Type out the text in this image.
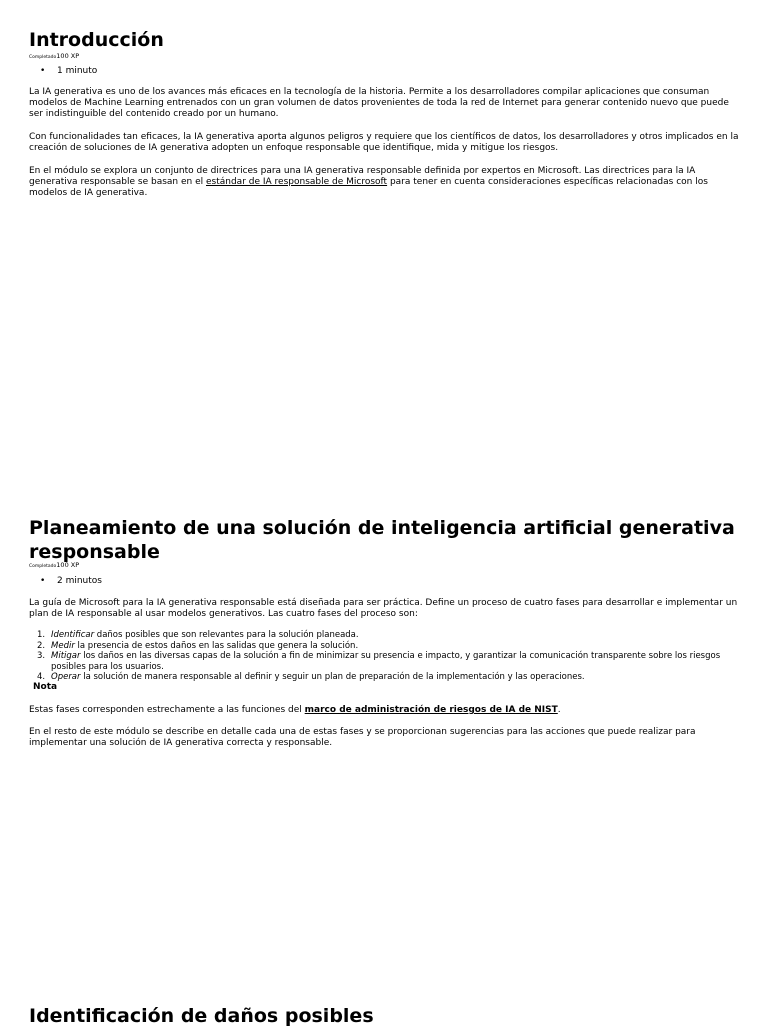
Introducción
Completado100 XP
• 1 minuto

La IA generativa es uno de los avances más eficaces en la tecnología de la historia. Permite a los desarrolladores compilar aplicaciones que consuman modelos de Machine Learning entrenados con un gran volumen de datos provenientes de toda la red de Internet para generar contenido nuevo que puede ser indistinguible del contenido creado por un humano.

Con funcionalidades tan eficaces, la IA generativa aporta algunos peligros y requiere que los científicos de datos, los desarrolladores y otros implicados en la creación de soluciones de IA generativa adopten un enfoque responsable que identifique, mida y mitigue los riesgos.

En el módulo se explora un conjunto de directrices para una IA generativa responsable definida por expertos en Microsoft. Las directrices para la IA generativa responsable se basan en el estándar de IA responsable de Microsoft para tener en cuenta consideraciones específicas relacionadas con los modelos de IA generativa.

Planeamiento de una solución de inteligencia artificial generativa responsable
Completado100 XP
• 2 minutos

La guía de Microsoft para la IA generativa responsable está diseñada para ser práctica. Define un proceso de cuatro fases para desarrollar e implementar un plan de IA responsable al usar modelos generativos. Las cuatro fases del proceso son:

1. Identificar daños posibles que son relevantes para la solución planeada.
2. Medir la presencia de estos daños en las salidas que genera la solución.
3. Mitigar los daños en las diversas capas de la solución a fin de minimizar su presencia e impacto, y garantizar la comunicación transparente sobre los riesgos posibles para los usuarios.
4. Operar la solución de manera responsable al definir y seguir un plan de preparación de la implementación y las operaciones.
Nota

Estas fases corresponden estrechamente a las funciones del marco de administración de riesgos de IA de NIST.

En el resto de este módulo se describe en detalle cada una de estas fases y se proporcionan sugerencias para las acciones que puede realizar para implementar una solución de IA generativa correcta y responsable.

Identificación de daños posibles
